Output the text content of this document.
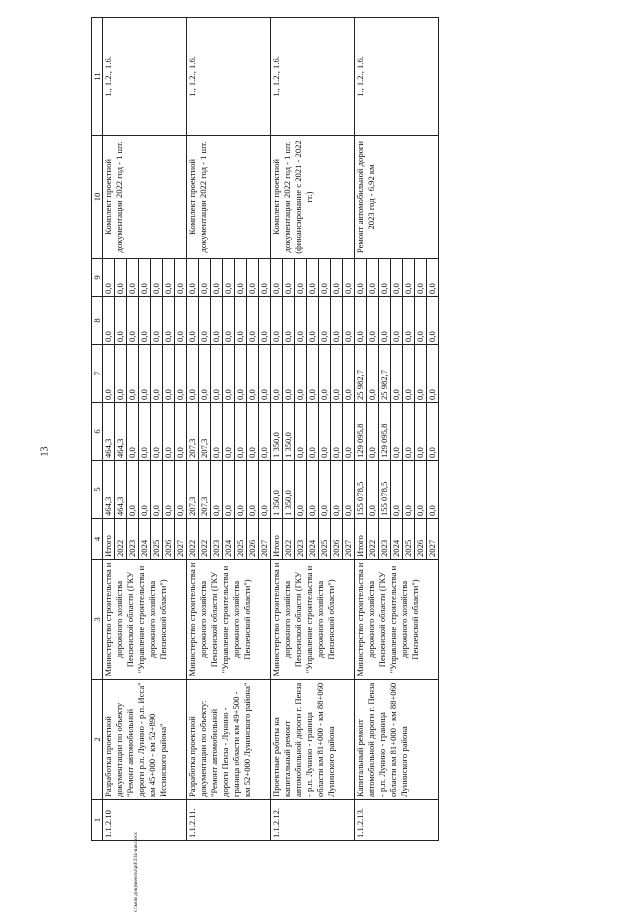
13
c:\мои документы\pd\334-ши.docx
1	2	3	4	5	6	7	8	9	10	11
1.1.2.10	Разработка проектной документации по объекту "Ремонт автомобильной дороги р.п. Лунино - р.п. Исса" км 45+000 - км 52+890 Иссинского района"	Министерство строительства и дорожного хозяйства Пензенской области (ГКУ "Управление строительства и дорожного хозяйства Пензенской области")	Итого	464,3	464,3	0,0	0,0	0,0	Комплект проектной документации 2022 год - 1 шт.	1., 1.2., 1.6.
			2022	464,3	464,3	0,0	0,0	0,0		
			2023	0,0	0,0	0,0	0,0	0,0		
			2024	0,0	0,0	0,0	0,0	0,0		
			2025	0,0	0,0	0,0	0,0	0,0		
			2026	0,0	0,0	0,0	0,0	0,0		
			2027	0,0	0,0	0,0	0,0	0,0		
1.1.2.11.	Разработка проектной документации по объекту: "Ремонт автомобильной дороги Пенза - Лунино - граница области км 49+500 - км 52+000 Лунинского района"	Министерство строительства и дорожного хозяйства Пензенской области (ГКУ "Управление строительства и дорожного хозяйства Пензенской области")	2022	207,3	207,3	0,0	0,0	0,0	Комплект проектной документации 2022 год - 1 шт.	1., 1.2., 1.6.
			2022	207,3	207,3	0,0	0,0	0,0		
			2023	0,0	0,0	0,0	0,0	0,0		
			2024	0,0	0,0	0,0	0,0	0,0		
			2025	0,0	0,0	0,0	0,0	0,0		
			2026	0,0	0,0	0,0	0,0	0,0		
			2027	0,0	0,0	0,0	0,0	0,0		
1.1.2.12.	Проектные работы на капитальный ремонт автомобильной дороги г. Пенза - р.п. Лунино - граница области км 81+000 - км 88+060 Лунинского района	Министерство строительства и дорожного хозяйства Пензенской области (ГКУ "Управление строительства и дорожного хозяйства Пензенской области")	Итого	1 350,0	1 350,0	0,0	0,0	0,0	Комплект проектной документации 2022 год - 1 шт. (финансирование с 2021 - 2022 гг.)	1., 1.2., 1.6.
			2022	1 350,0	1 350,0	0,0	0,0	0,0		
			2023	0,0	0,0	0,0	0,0	0,0		
			2024	0,0	0,0	0,0	0,0	0,0		
			2025	0,0	0,0	0,0	0,0	0,0		
			2026	0,0	0,0	0,0	0,0	0,0		
			2027	0,0	0,0	0,0	0,0	0,0		
1.1.2.13.	Капитальный ремонт автомобильной дороги г. Пенза - р.п. Лунино - граница области км 81+000 - км 88+060 Лунинского района	Министерство строительства и дорожного хозяйства Пензенской области (ГКУ "Управление строительства и дорожного хозяйства Пензенской области")	Итого	155 078,5	129 095,8	25 982,7	0,0	0,0	Ремонт автомобильной дороги 2023 год - 6,92 км	1., 1.2., 1.6.
			2022	0,0	0,0	0,0	0,0	0,0		
			2023	155 078,5	129 095,8	25 982,7	0,0	0,0		
			2024	0,0	0,0	0,0	0,0	0,0		
			2025	0,0	0,0	0,0	0,0	0,0		
			2026	0,0	0,0	0,0	0,0	0,0		
			2027	0,0	0,0	0,0	0,0	0,0		
